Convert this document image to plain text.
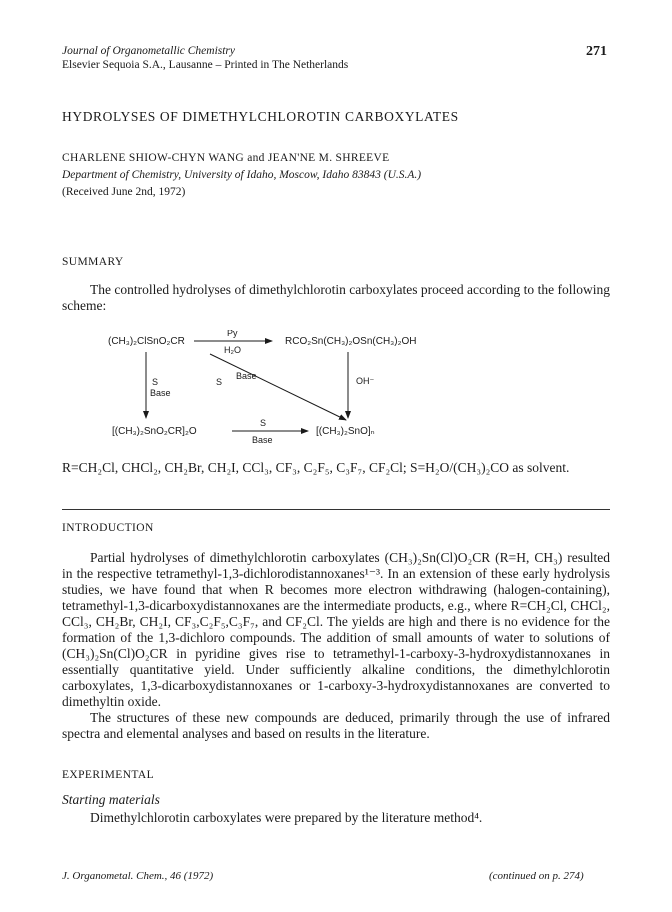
Journal of Organometallic Chemistry
Elsevier Sequoia S.A., Lausanne – Printed in The Netherlands
271
HYDROLYSES OF DIMETHYLCHLOROTIN CARBOXYLATES
CHARLENE SHIOW-CHYN WANG and JEAN'NE M. SHREEVE
Department of Chemistry, University of Idaho, Moscow, Idaho 83843 (U.S.A.)
(Received June 2nd, 1972)
SUMMARY
The controlled hydrolyses of dimethylchlorotin carboxylates proceed according to the following scheme:
(CH₃)₂ClSnO₂CR
Py
H₂O
RCO₂Sn(CH₃)₂OSn(CH₃)₂OH
S
Base
S
Base	OH⁻
[(CH₃)₂SnO₂CR]₂O
S
Base
[(CH₃)₂SnO]ₙ
R=CH₂Cl, CHCl₂, CH₂Br, CH₂I, CCl₃, CF₃, C₂F₅, C₃F₇, CF₂Cl; S=H₂O/(CH₃)₂CO as solvent.
INTRODUCTION
Partial hydrolyses of dimethylchlorotin carboxylates (CH₃)₂Sn(Cl)O₂CR (R=H, CH₃) resulted in the respective tetramethyl-1,3-dichlorodistannoxanes¹⁻³. In an extension of these early hydrolysis studies, we have found that when R becomes more electron withdrawing (halogen-containing), tetramethyl-1,3-dicarboxydistannoxanes are the intermediate products, e.g., where R=CH₂Cl, CHCl₂, CCl₃, CH₂Br, CH₂I, CF₃,C₂F₅,C₃F₇, and CF₂Cl. The yields are high and there is no evidence for the formation of the 1,3-dichloro compounds. The addition of small amounts of water to solutions of (CH₃)₂Sn(Cl)O₂CR in pyridine gives rise to tetramethyl-1-carboxy-3-hydroxydistannoxanes in essentially quantitative yield. Under sufficiently alkaline conditions, the dimethylchlorotin carboxylates, 1,3-dicarboxydistannoxanes or 1-carboxy-3-hydroxydistannoxanes are converted to dimethyltin oxide.
The structures of these new compounds are deduced, primarily through the use of infrared spectra and elemental analyses and based on results in the literature.
EXPERIMENTAL
Starting materials
Dimethylchlorotin carboxylates were prepared by the literature method⁴.
J. Organometal. Chem., 46 (1972)	(continued on p. 274)
